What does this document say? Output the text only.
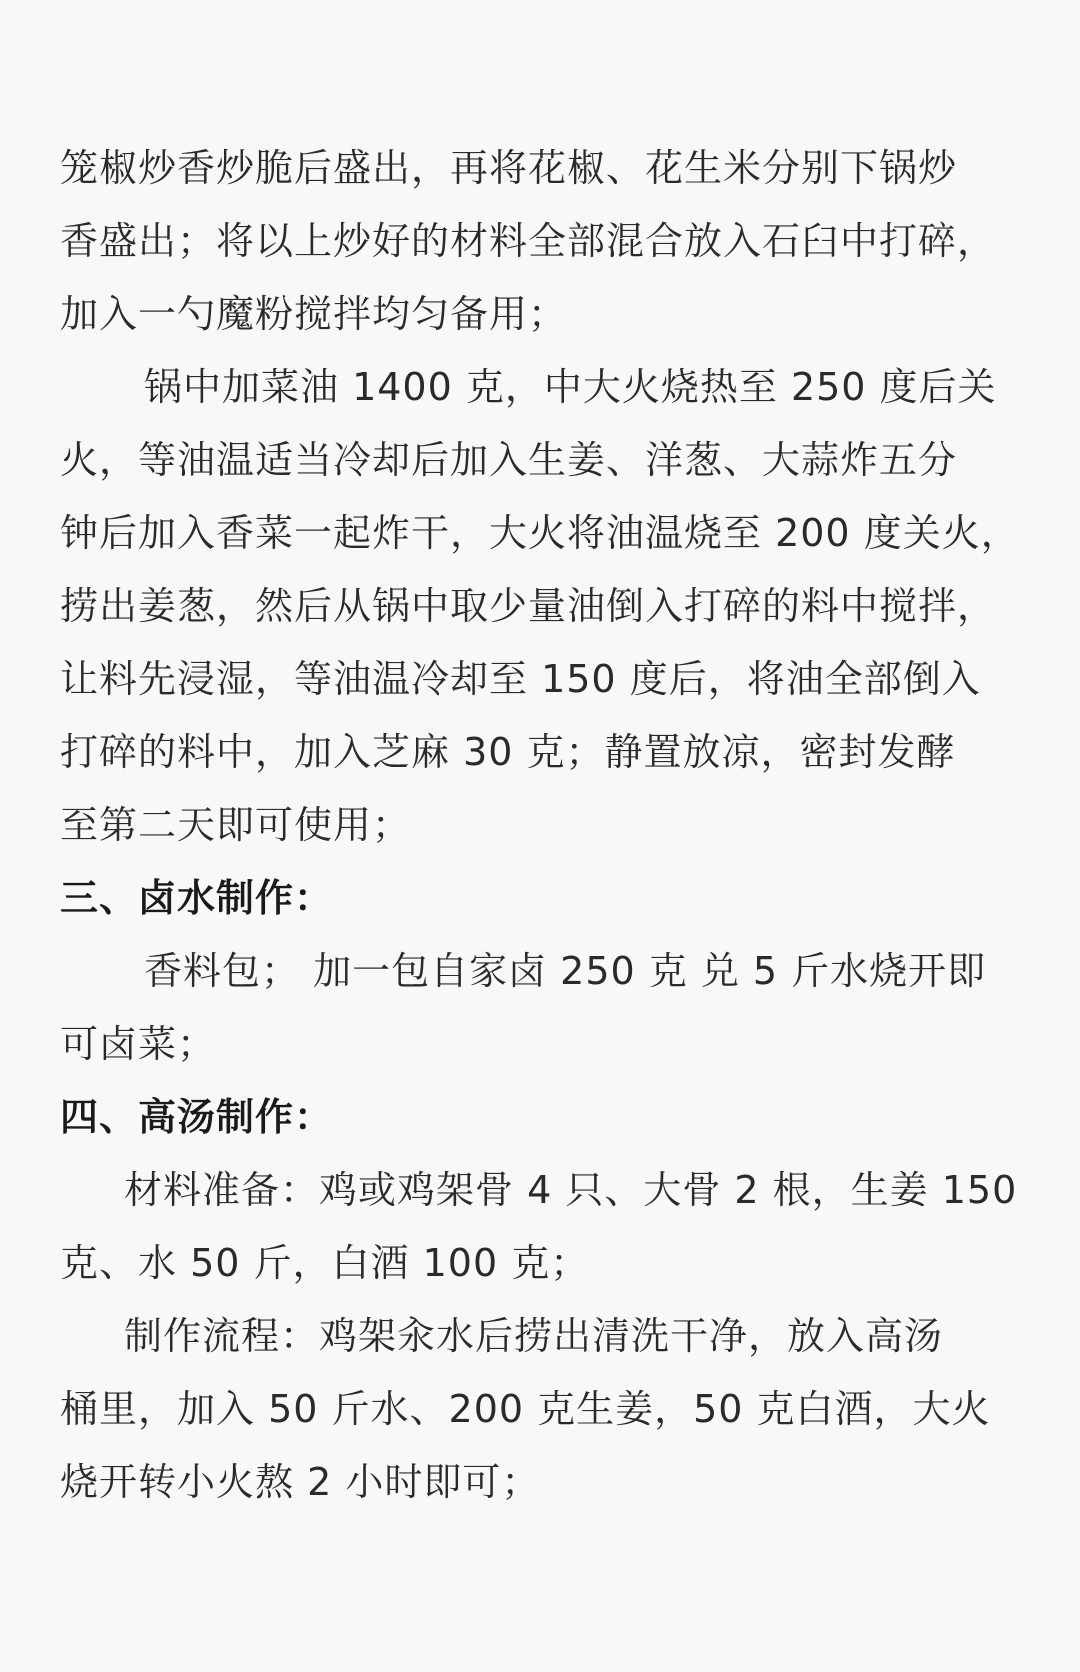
笼椒炒香炒脆后盛出，再将花椒、花生米分别下锅炒
香盛出；将以上炒好的材料全部混合放入石臼中打碎，
加入一勺魔粉搅拌均匀备用；
锅中加菜油 1400 克，中大火烧热至 250 度后关
火，等油温适当冷却后加入生姜、洋葱、大蒜炸五分
钟后加入香菜一起炸干，大火将油温烧至 200 度关火，
捞出姜葱，然后从锅中取少量油倒入打碎的料中搅拌，
让料先浸湿，等油温冷却至 150 度后，将油全部倒入
打碎的料中，加入芝麻 30 克；静置放凉，密封发酵
至第二天即可使用；
三、卤水制作：
香料包； 加一包自家卤 250 克 兑 5 斤水烧开即
可卤菜；
四、高汤制作：
材料准备：鸡或鸡架骨 4 只、大骨 2 根，生姜 150
克、水 50 斤，白酒 100 克；
制作流程：鸡架汆水后捞出清洗干净，放入高汤
桶里，加入 50 斤水、200 克生姜，50 克白酒，大火
烧开转小火熬 2 小时即可；
